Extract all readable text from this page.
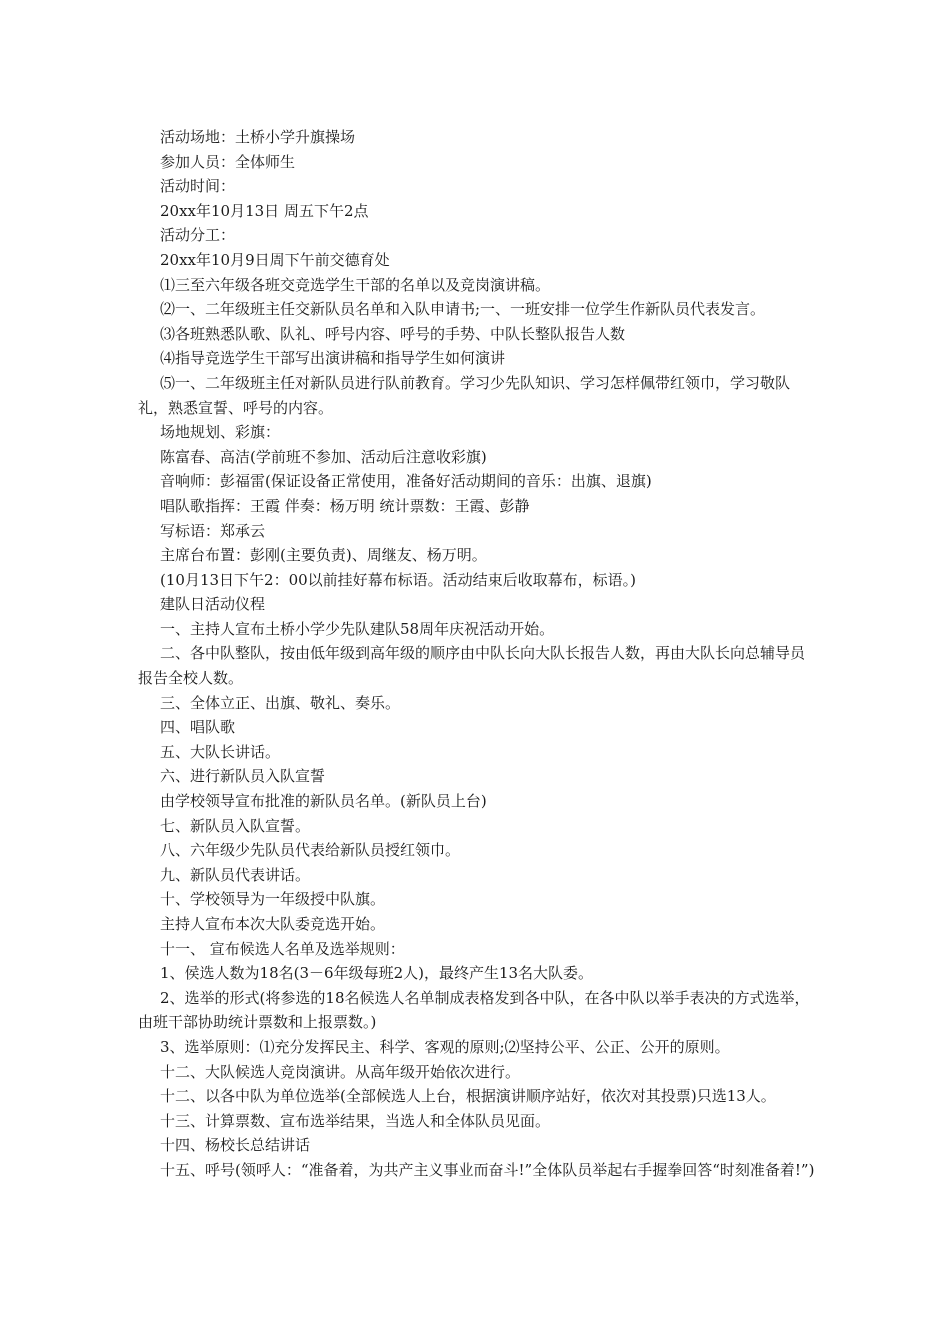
活动场地：土桥小学升旗操场

参加人员：全体师生

活动时间：

20xx年10月13日 周五下午2点

活动分工：

20xx年10月9日周下午前交德育处

⑴三至六年级各班交竞选学生干部的名单以及竞岗演讲稿。

⑵一、二年级班主任交新队员名单和入队申请书;一、一班安排一位学生作新队员代表发言。

⑶各班熟悉队歌、队礼、呼号内容、呼号的手势、中队长整队报告人数

⑷指导竞选学生干部写出演讲稿和指导学生如何演讲

⑸一、二年级班主任对新队员进行队前教育。学习少先队知识、学习怎样佩带红领巾，学习敬队礼，熟悉宣誓、呼号的内容。

场地规划、彩旗：

陈富春、高洁(学前班不参加、活动后注意收彩旗)

音响师：彭福雷(保证设备正常使用，准备好活动期间的音乐：出旗、退旗)

唱队歌指挥：王霞 伴奏：杨万明 统计票数：王霞、彭静

写标语：郑承云

主席台布置：彭刚(主要负责)、周继友、杨万明。

(10月13日下午2：00以前挂好幕布标语。活动结束后收取幕布，标语。)

建队日活动仪程

一、主持人宣布土桥小学少先队建队58周年庆祝活动开始。

二、各中队整队，按由低年级到高年级的顺序由中队长向大队长报告人数，再由大队长向总辅导员报告全校人数。

三、全体立正、出旗、敬礼、奏乐。

四、唱队歌

五、大队长讲话。

六、进行新队员入队宣誓

由学校领导宣布批准的新队员名单。(新队员上台)

七、新队员入队宣誓。

八、六年级少先队员代表给新队员授红领巾。

九、新队员代表讲话。

十、学校领导为一年级授中队旗。

主持人宣布本次大队委竞选开始。

十一、 宣布候选人名单及选举规则：

1、侯选人数为18名(3－6年级每班2人)，最终产生13名大队委。

2、选举的形式(将参选的18名候选人名单制成表格发到各中队，在各中队以举手表决的方式选举，由班干部协助统计票数和上报票数。)

3、选举原则：⑴充分发挥民主、科学、客观的原则;⑵坚持公平、公正、公开的原则。

十二、大队候选人竞岗演讲。从高年级开始依次进行。

十二、以各中队为单位选举(全部候选人上台，根据演讲顺序站好，依次对其投票)只选13人。

十三、计算票数、宣布选举结果，当选人和全体队员见面。

十四、杨校长总结讲话

十五、呼号(领呼人：“准备着，为共产主义事业而奋斗!”全体队员举起右手握拳回答“时刻准备着!”)
